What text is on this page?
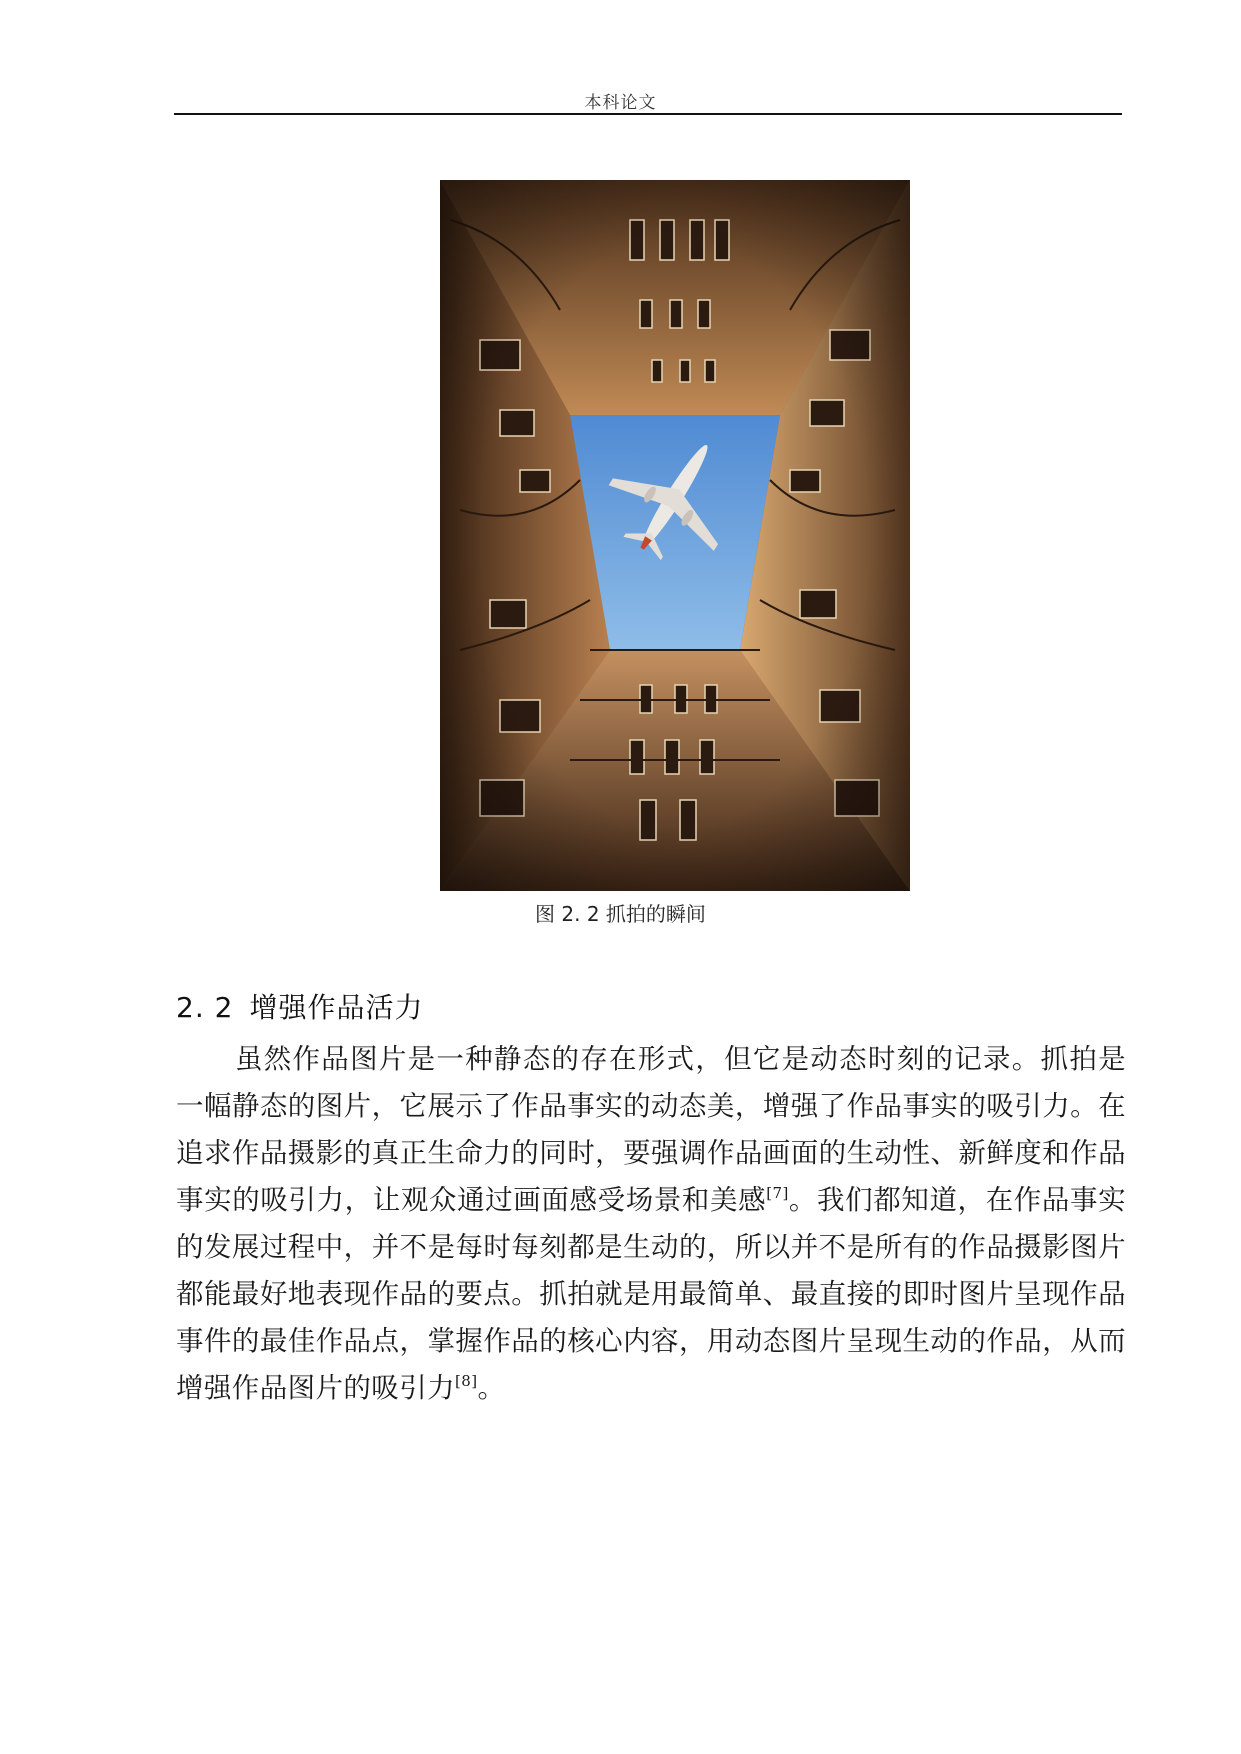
本科论文
图 2. 2 抓拍的瞬间
2. 2 增强作品活力
虽然作品图片是一种静态的存在形式，但它是动态时刻的记录。抓拍是一幅静态的图片，它展示了作品事实的动态美，增强了作品事实的吸引力。在追求作品摄影的真正生命力的同时，要强调作品画面的生动性、新鲜度和作品事实的吸引力，让观众通过画面感受场景和美感[7]。我们都知道，在作品事实的发展过程中，并不是每时每刻都是生动的，所以并不是所有的作品摄影图片都能最好地表现作品的要点。抓拍就是用最简单、最直接的即时图片呈现作品事件的最佳作品点，掌握作品的核心内容，用动态图片呈现生动的作品，从而增强作品图片的吸引力[8]。
